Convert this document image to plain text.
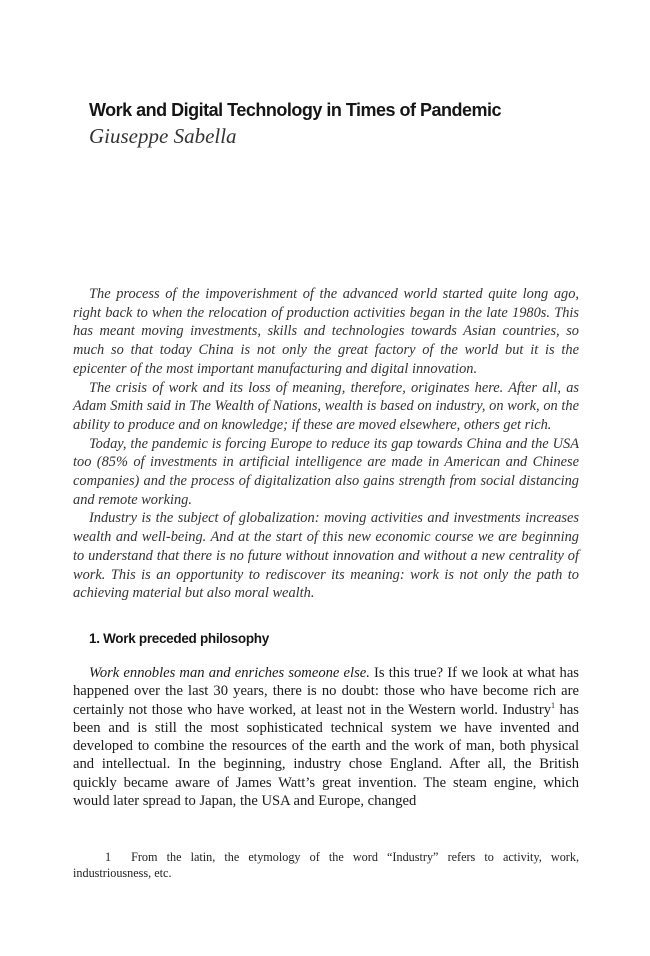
Work and Digital Technology in Times of Pandemic
Giuseppe Sabella

The process of the impoverishment of the advanced world started quite long ago, right back to when the relocation of production activities began in the late 1980s. This has meant moving investments, skills and technologies towards Asian countries, so much so that today China is not only the great factory of the world but it is the epicenter of the most important manufacturing and digital innovation.

The crisis of work and its loss of meaning, therefore, originates here. After all, as Adam Smith said in The Wealth of Nations, wealth is based on industry, on work, on the ability to produce and on knowledge; if these are moved elsewhere, others get rich.

Today, the pandemic is forcing Europe to reduce its gap towards China and the USA too (85% of investments in artificial intelligence are made in American and Chinese companies) and the process of digitalization also gains strength from social distancing and remote working.

Industry is the subject of globalization: moving activities and investments increases wealth and well-being. And at the start of this new economic course we are beginning to understand that there is no future without innovation and without a new centrality of work. This is an opportunity to rediscover its meaning: work is not only the path to achieving material but also moral wealth.

1. Work preceded philosophy

Work ennobles man and enriches someone else. Is this true? If we look at what has happened over the last 30 years, there is no doubt: those who have become rich are certainly not those who have worked, at least not in the Western world. Industry$^1$ has been and is still the most sophisticated technical system we have invented and developed to combine the resources of the earth and the work of man, both physical and intellectual. In the beginning, industry chose England. After all, the British quickly became aware of James Watt’s great invention. The steam engine, which would later spread to Japan, the USA and Europe, changed

1 From the latin, the etymology of the word “Industry” refers to activity, work, industriousness, etc.
